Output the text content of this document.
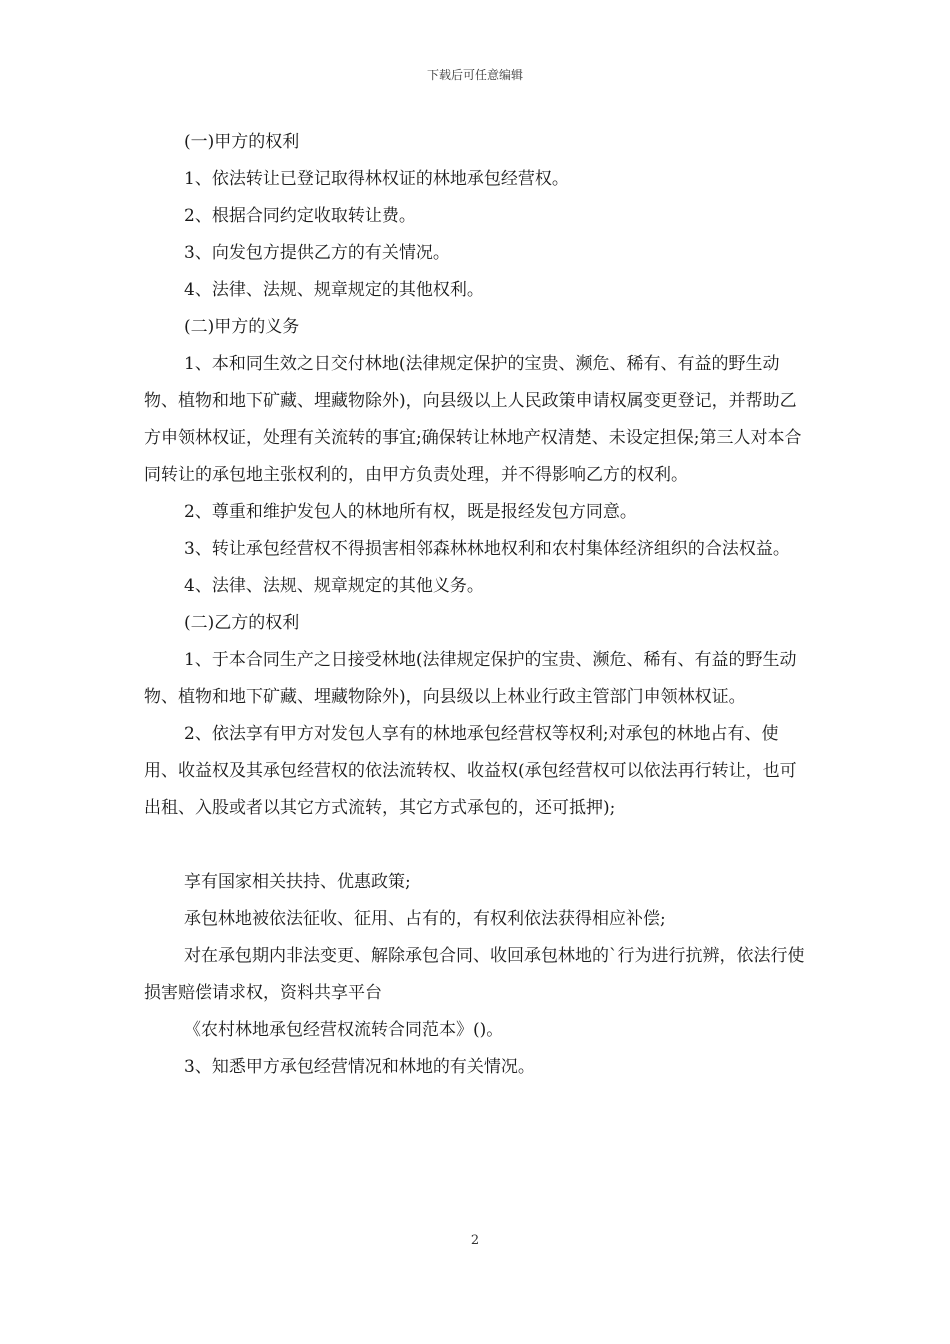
下载后可任意编辑

(一)甲方的权利

1、依法转让已登记取得林权证的林地承包经营权。

2、根据合同约定收取转让费。

3、向发包方提供乙方的有关情况。

4、法律、法规、规章规定的其他权利。

(二)甲方的义务

1、本和同生效之日交付林地(法律规定保护的宝贵、濒危、稀有、有益的野生动物、植物和地下矿藏、埋藏物除外)，向县级以上人民政策申请权属变更登记，并帮助乙方申领林权证，处理有关流转的事宜;确保转让林地产权清楚、未设定担保;第三人对本合同转让的承包地主张权利的，由甲方负责处理，并不得影响乙方的权利。

2、尊重和维护发包人的林地所有权，既是报经发包方同意。

3、转让承包经营权不得损害相邻森林林地权利和农村集体经济组织的合法权益。

4、法律、法规、规章规定的其他义务。

(二)乙方的权利

1、于本合同生产之日接受林地(法律规定保护的宝贵、濒危、稀有、有益的野生动物、植物和地下矿藏、埋藏物除外)，向县级以上林业行政主管部门申领林权证。

2、依法享有甲方对发包人享有的林地承包经营权等权利;对承包的林地占有、使用、收益权及其承包经营权的依法流转权、收益权(承包经营权可以依法再行转让，也可出租、入股或者以其它方式流转，其它方式承包的，还可抵押);

享有国家相关扶持、优惠政策;

承包林地被依法征收、征用、占有的，有权利依法获得相应补偿;

对在承包期内非法变更、解除承包合同、收回承包林地的`行为进行抗辨，依法行使损害赔偿请求权，资料共享平台

《农村林地承包经营权流转合同范本》()。

3、知悉甲方承包经营情况和林地的有关情况。

2
